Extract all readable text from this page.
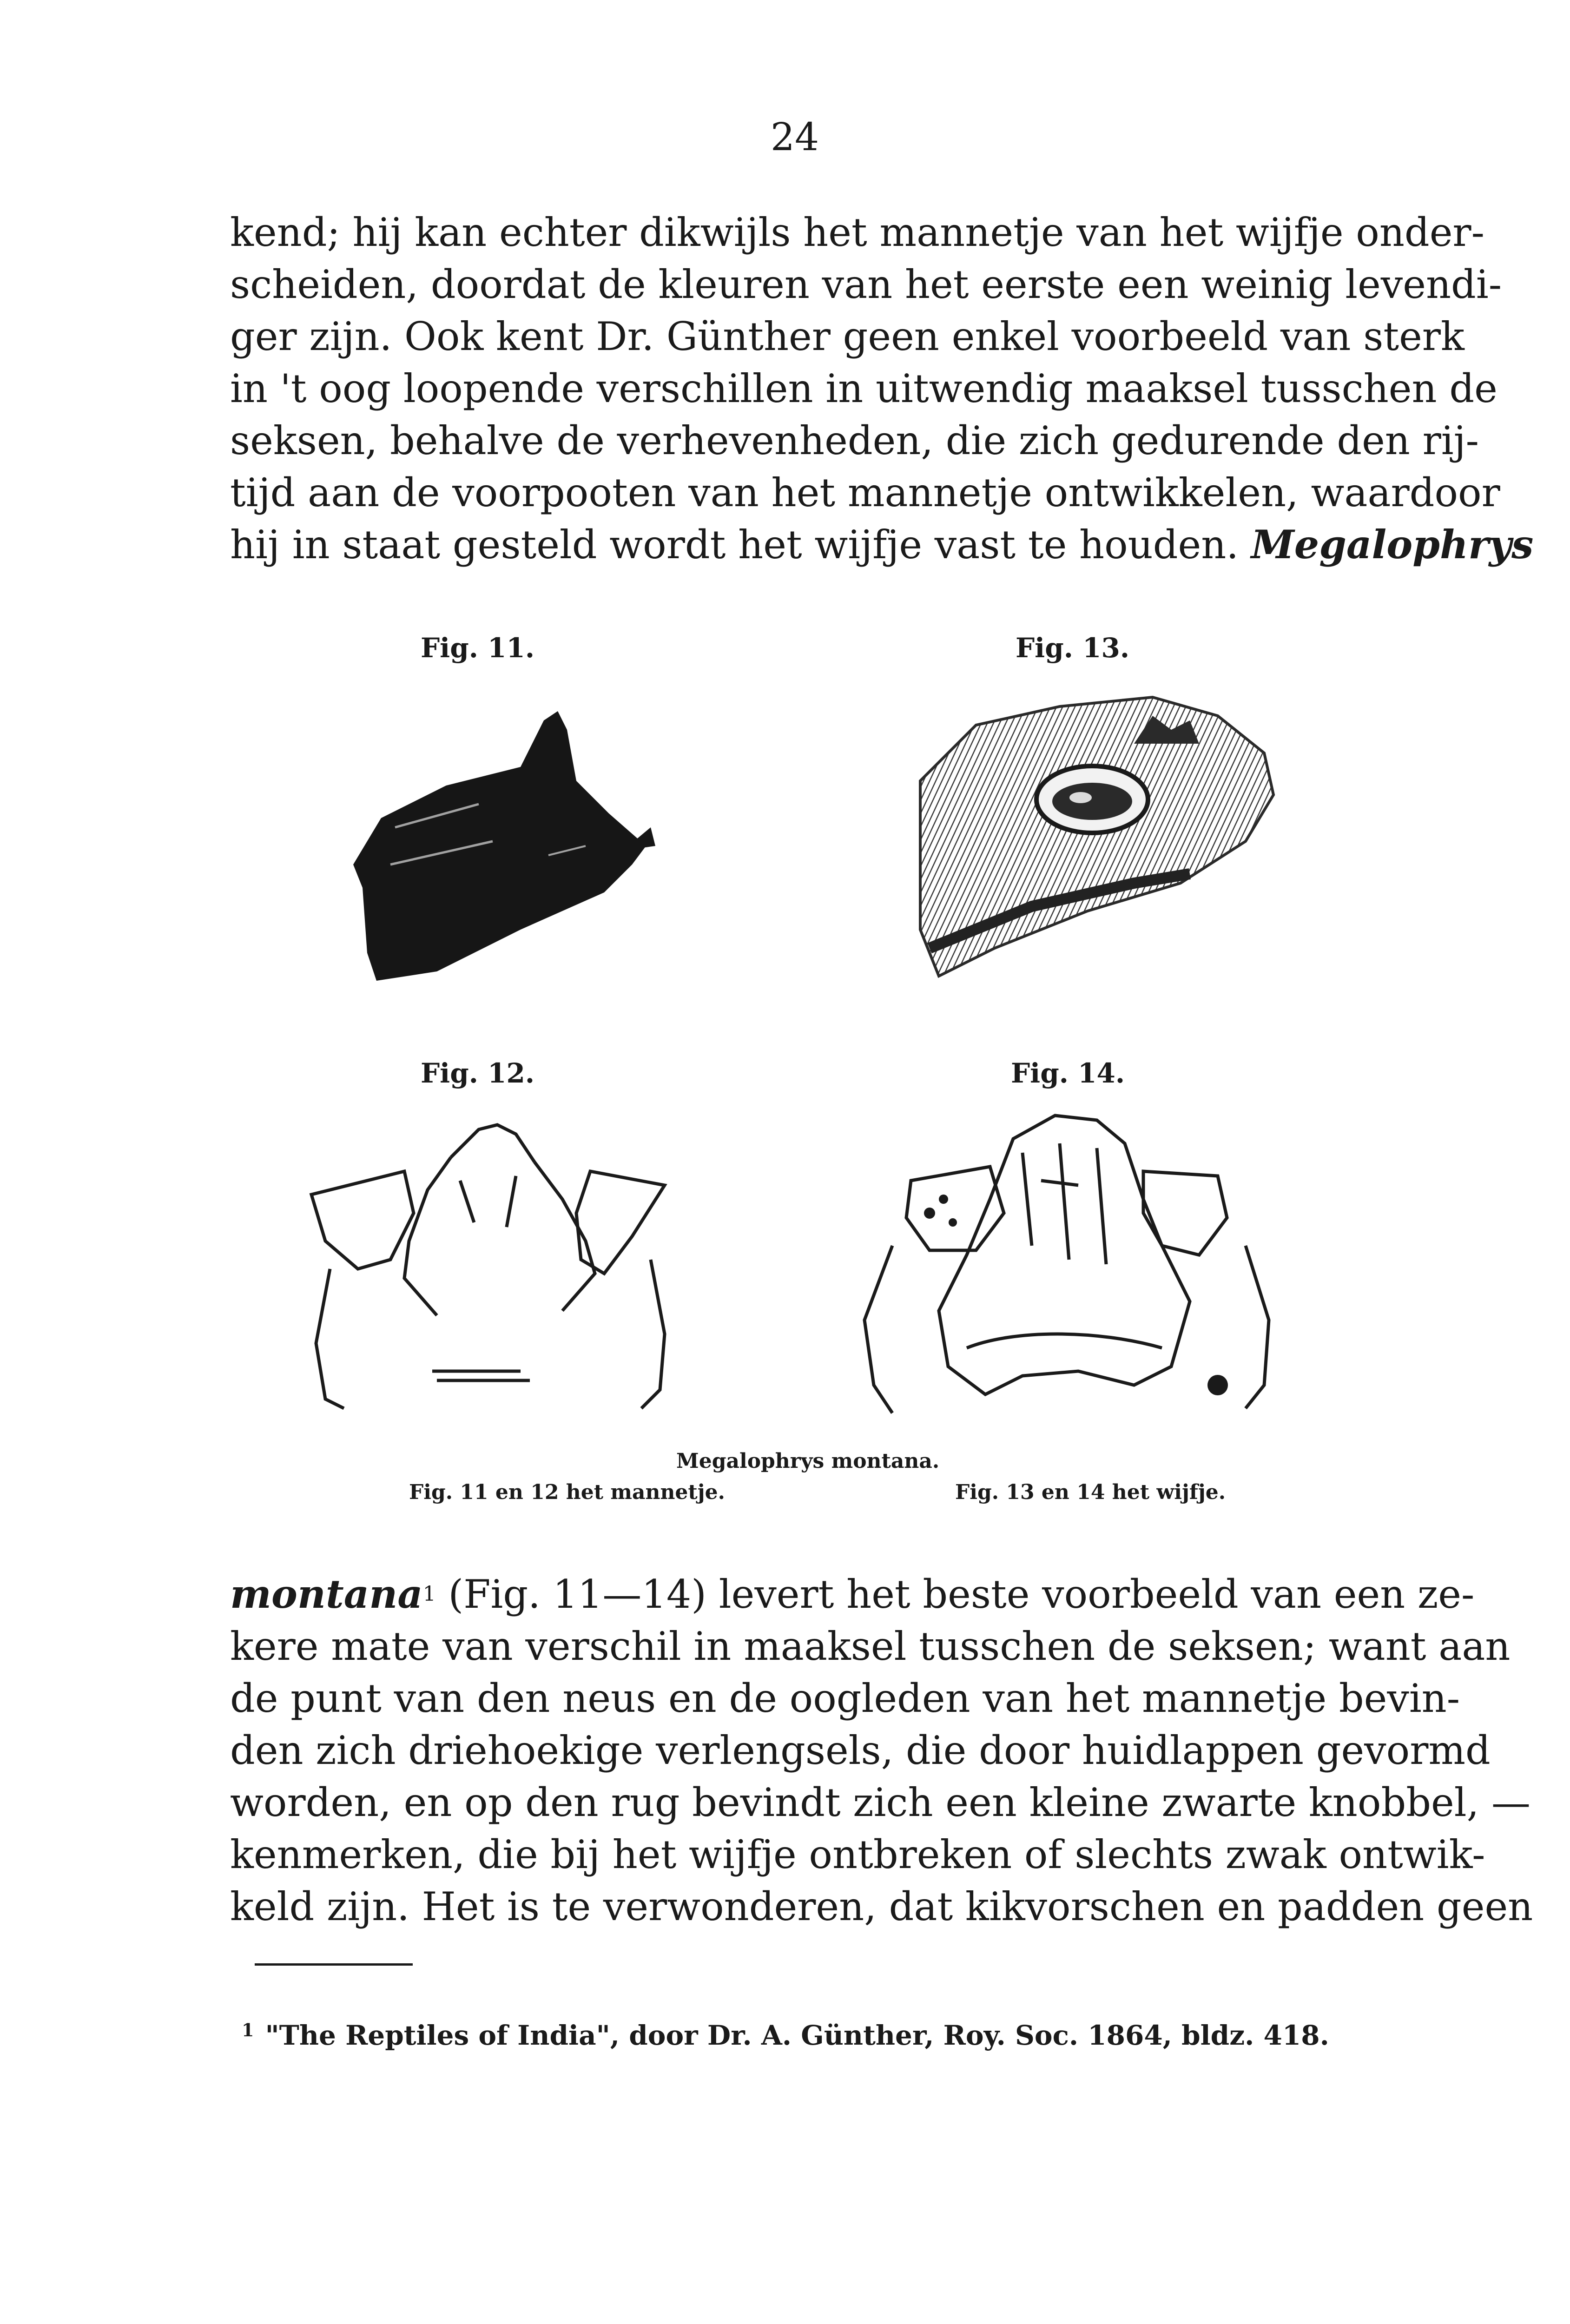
24
kend; hij kan echter dikwijls het mannetje van het wijfje onder-
scheiden, doordat de kleuren van het eerste een weinig levendi-
ger zijn. Ook kent Dr. Günther geen enkel voorbeeld van sterk
in 't oog loopende verschillen in uitwendig maaksel tusschen de
seksen, behalve de verhevenheden, die zich gedurende den rij-
tijd aan de voorpooten van het mannetje ontwikkelen, waardoor
hij in staat gesteld wordt het wijfje vast te houden. Megalophrys
Fig. 11.	Fig. 13.
Fig. 12.	Fig. 14.
Megalophrys montana.
Fig. 11 en 12 het mannetje.	Fig. 13 en 14 het wijfje.
montana$^1$ (Fig. 11—14) levert het beste voorbeeld van een ze-
kere mate van verschil in maaksel tusschen de seksen; want aan
de punt van den neus en de oogleden van het mannetje bevin-
den zich driehoekige verlengsels, die door huidlappen gevormd
worden, en op den rug bevindt zich een kleine zwarte knobbel, —
kenmerken, die bij het wijfje ontbreken of slechts zwak ontwik-
keld zijn. Het is te verwonderen, dat kikvorschen en padden geen
$^1$ "The Reptiles of India", door Dr. A. Günther, Roy. Soc. 1864, bldz. 418.
